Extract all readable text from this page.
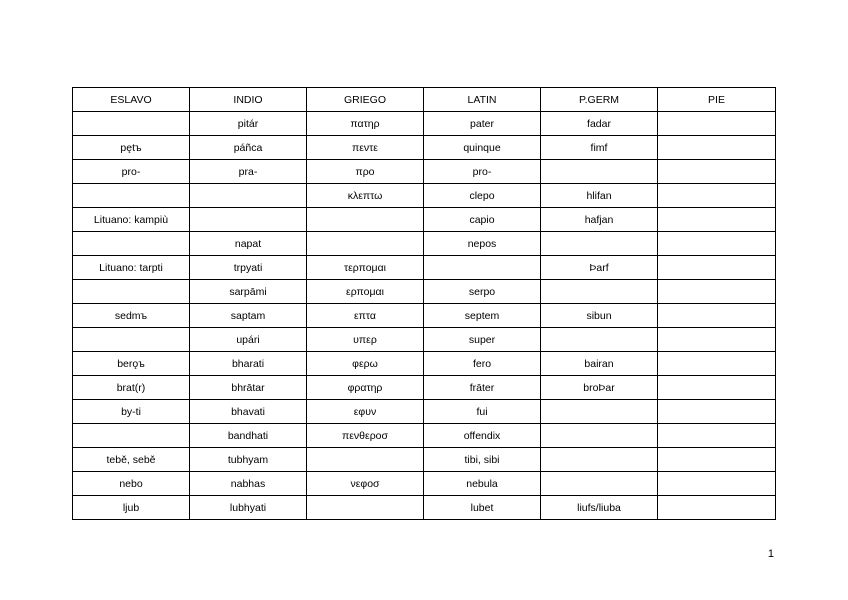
ESLAVO	INDIO	GRIEGO	LATIN	P.GERM	PIE
	pitár	πατηρ	pater	fadar	
pętъ	páñca	πεντε	quinque	fimf	
pro-	pra-	προ	pro-		
		κλεπτω	clepo	hlifan	
Lituano: kampiù			capio	hafjan	
	napat		nepos		
Lituano: tarpti	trpyati	τερπομαι		Þarf	
	sarpāmi	ερπομαι	serpo		
sedmъ	saptam	επτα	septem	sibun	
	upári	υπερ	super		
berǫъ	bharati	φερω	fero	bairan	
brat(r)	bhrātar	φρατηρ	frāter	broÞar	
by-ti	bhavati	εφυν	fui		
	bandhati	πενθεροσ	offendix		
tebě, sebě	tubhyam		tibi, sibi		
nebo	nabhas	νεφοσ	nebula		
ljub	lubhyati		lubet	liufs/liuba	
1
